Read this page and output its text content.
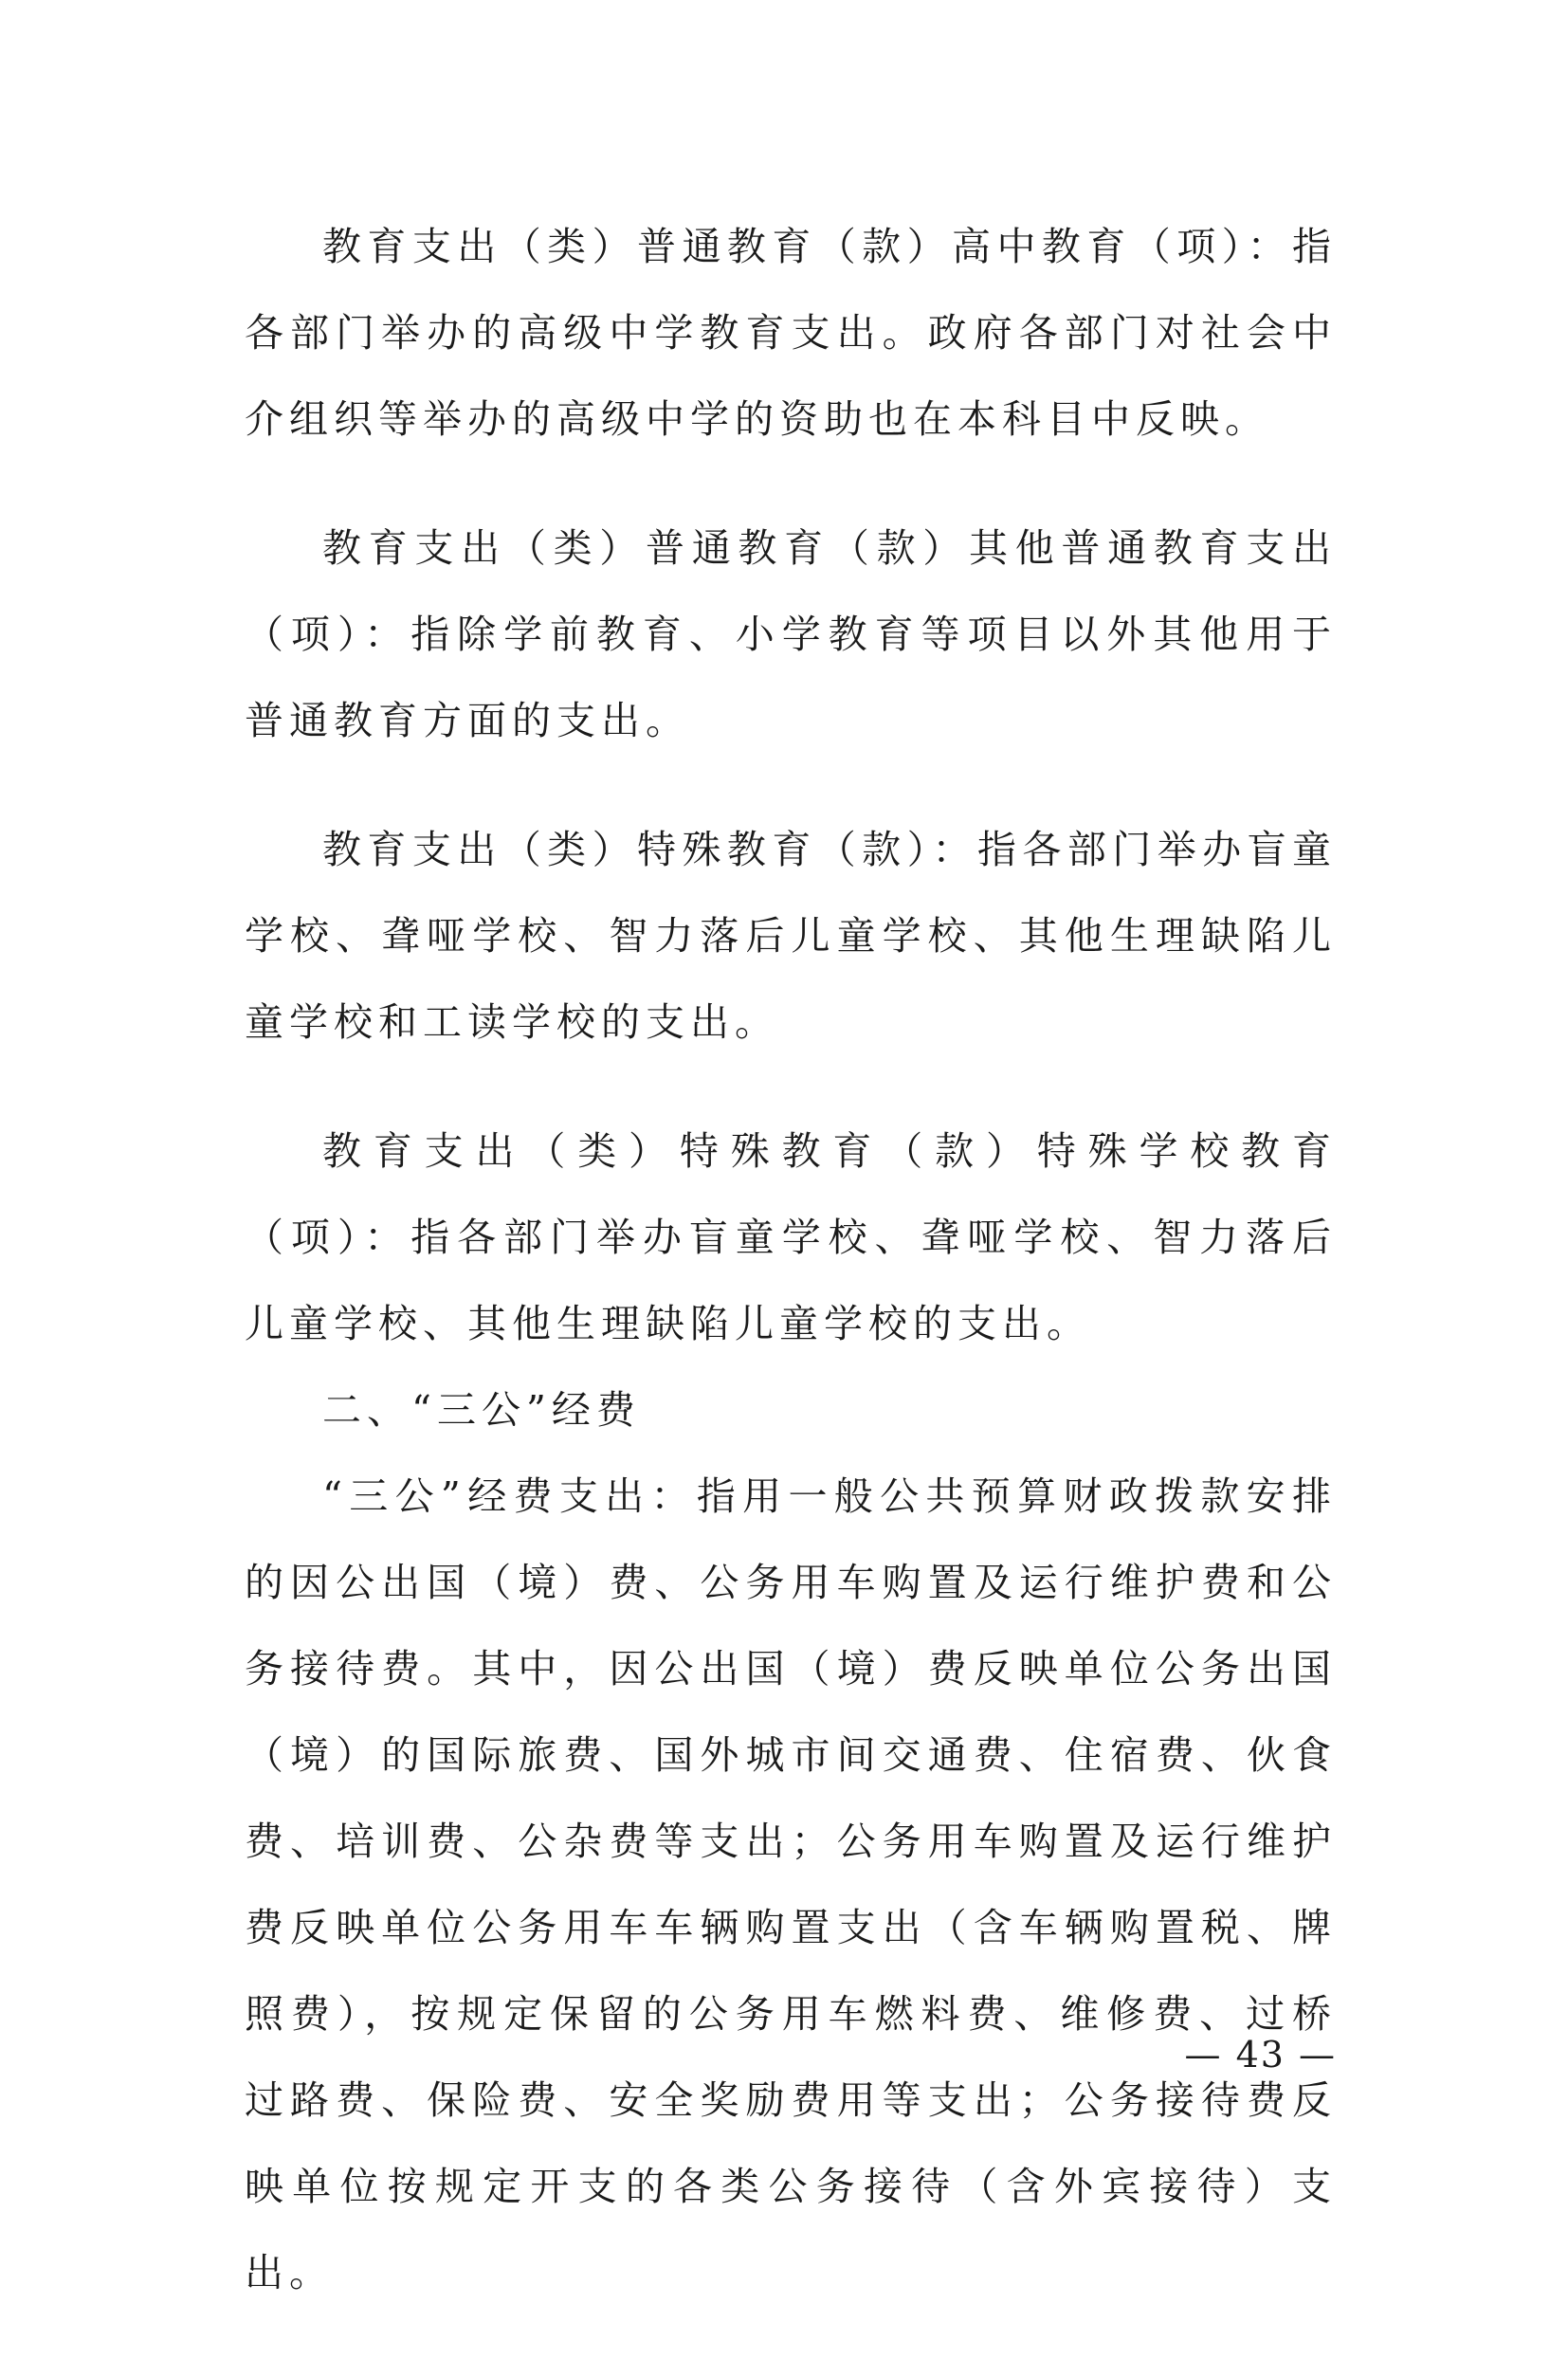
教育支出（类）普通教育（款）高中教育（项）：指各部门举办的高级中学教育支出。政府各部门对社会中介组织等举办的高级中学的资助也在本科目中反映。

教育支出（类）普通教育（款）其他普通教育支出（项）：指除学前教育、小学教育等项目以外其他用于普通教育方面的支出。

教育支出（类）特殊教育（款）：指各部门举办盲童学校、聋哑学校、智力落后儿童学校、其他生理缺陷儿童学校和工读学校的支出。

教育支出（类）特殊教育（款）特殊学校教育（项）：指各部门举办盲童学校、聋哑学校、智力落后儿童学校、其他生理缺陷儿童学校的支出。

二、“三公”经费

“三公”经费支出：指用一般公共预算财政拨款安排的因公出国（境）费、公务用车购置及运行维护费和公务接待费。其中，因公出国（境）费反映单位公务出国（境）的国际旅费、国外城市间交通费、住宿费、伙食费、培训费、公杂费等支出；公务用车购置及运行维护费反映单位公务用车车辆购置支出（含车辆购置税、牌照费），按规定保留的公务用车燃料费、维修费、过桥过路费、保险费、安全奖励费用等支出；公务接待费反映单位按规定开支的各类公务接待（含外宾接待）支出。

— 43 —
